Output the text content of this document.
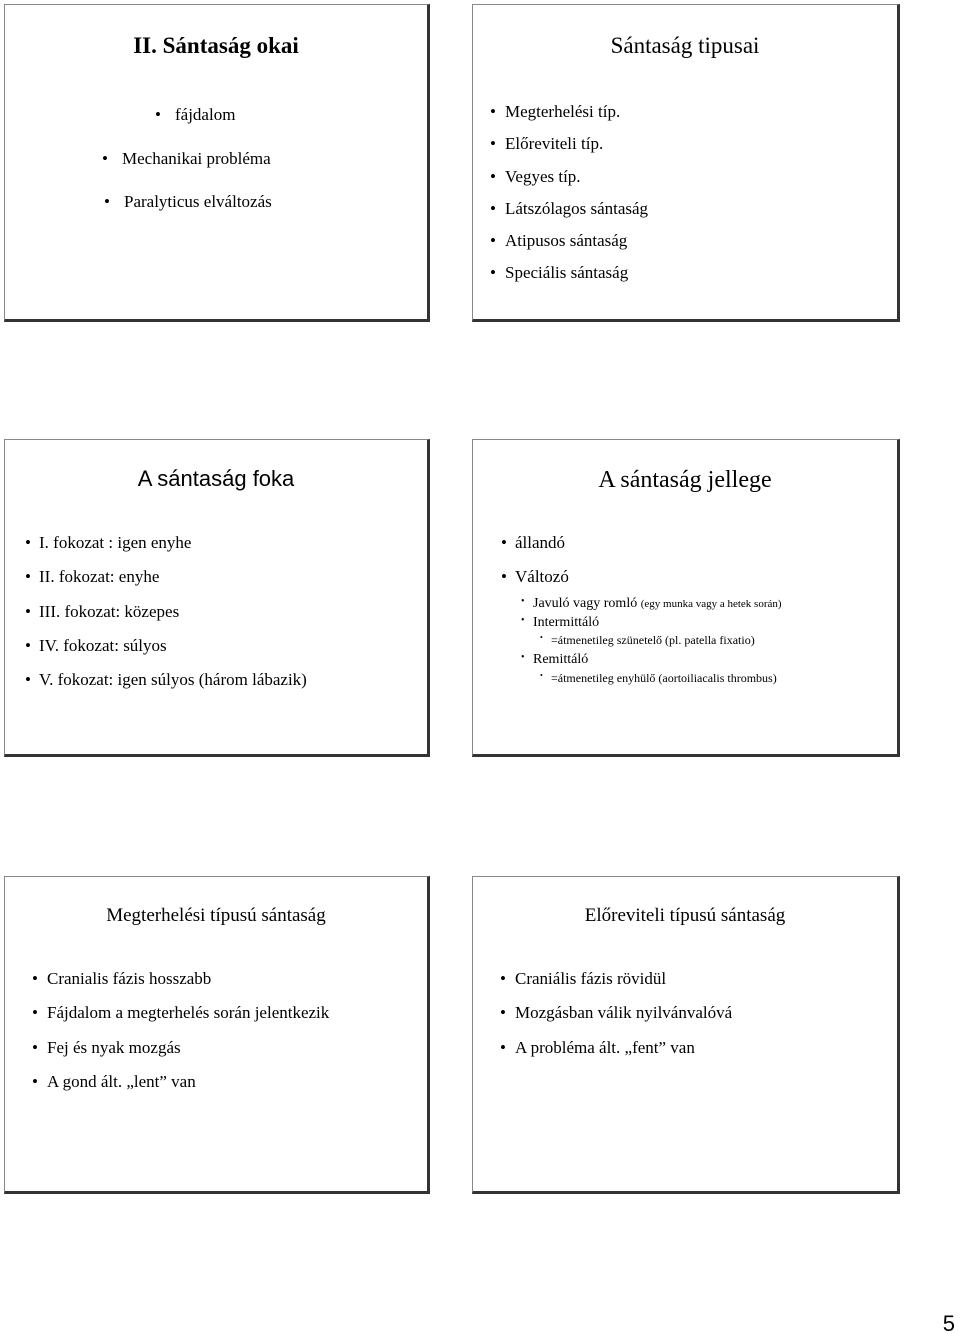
II. Sántaság okai
• fájdalom
• Mechanikai probléma
• Paralyticus elváltozás
Sántaság tipusai
• Megterhelési típ.
• Előreviteli típ.
• Vegyes típ.
• Látszólagos sántaság
• Atipusos sántaság
• Speciális sántaság
A sántaság foka
• I. fokozat : igen enyhe
• II. fokozat: enyhe
• III. fokozat: közepes
• IV. fokozat: súlyos
• V. fokozat: igen súlyos (három lábazik)
A sántaság jellege
• állandó
• Változó
• Javuló vagy romló (egy munka vagy a hetek során)
• Intermittáló
• =átmenetileg szünetelő (pl. patella fixatio)
• Remittáló
• =átmenetileg enyhülő (aortoiliacalis thrombus)
Megterhelési típusú sántaság
• Cranialis fázis hosszabb
• Fájdalom a megterhelés során jelentkezik
• Fej és nyak mozgás
• A gond ált. „lent” van
Előreviteli típusú sántaság
• Craniális fázis rövidül
• Mozgásban válik nyilvánvalóvá
• A probléma ált. „fent” van
5
